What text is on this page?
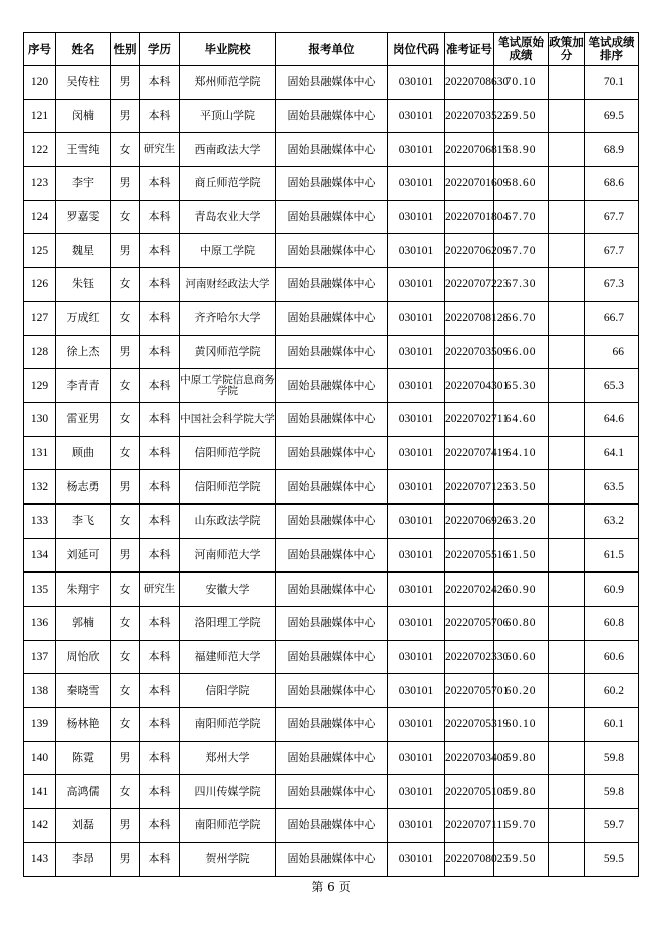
序号	姓名	性别	学历	毕业院校	报考单位	岗位代码	准考证号	笔试原始成绩	政策加分	笔试成绩排序
120	吴传柱	男	本科	郑州师范学院	固始县融媒体中心	030101	20220708630	70.10		70.1
121	闵楠	男	本科	平顶山学院	固始县融媒体中心	030101	20220703522	69.50		69.5
122	王雪纯	女	研究生	西南政法大学	固始县融媒体中心	030101	20220706815	68.90		68.9
123	李宇	男	本科	商丘师范学院	固始县融媒体中心	030101	20220701609	68.60		68.6
124	罗嘉雯	女	本科	青岛农业大学	固始县融媒体中心	030101	20220701804	67.70		67.7
125	魏星	男	本科	中原工学院	固始县融媒体中心	030101	20220706209	67.70		67.7
126	朱钰	女	本科	河南财经政法大学	固始县融媒体中心	030101	20220707223	67.30		67.3
127	万成红	女	本科	齐齐哈尔大学	固始县融媒体中心	030101	20220708128	66.70		66.7
128	徐上杰	男	本科	黄冈师范学院	固始县融媒体中心	030101	20220703509	66.00		66
129	李青青	女	本科	中原工学院信息商务学院	固始县融媒体中心	030101	20220704301	65.30		65.3
130	雷亚男	女	本科	中国社会科学院大学	固始县融媒体中心	030101	20220702711	64.60		64.6
131	顾曲	女	本科	信阳师范学院	固始县融媒体中心	030101	20220707419	64.10		64.1
132	杨志勇	男	本科	信阳师范学院	固始县融媒体中心	030101	20220707123	63.50		63.5
133	李飞	女	本科	山东政法学院	固始县融媒体中心	030101	20220706926	63.20		63.2
134	刘延可	男	本科	河南师范大学	固始县融媒体中心	030101	20220705516	61.50		61.5
135	朱翔宇	女	研究生	安徽大学	固始县融媒体中心	030101	20220702426	60.90		60.9
136	郭楠	女	本科	洛阳理工学院	固始县融媒体中心	030101	20220705706	60.80		60.8
137	周怡欣	女	本科	福建师范大学	固始县融媒体中心	030101	20220702330	60.60		60.6
138	秦晓雪	女	本科	信阳学院	固始县融媒体中心	030101	20220705701	60.20		60.2
139	杨林艳	女	本科	南阳师范学院	固始县融媒体中心	030101	20220705319	60.10		60.1
140	陈霓	男	本科	郑州大学	固始县融媒体中心	030101	20220703408	59.80		59.8
141	高鸿儒	女	本科	四川传媒学院	固始县融媒体中心	030101	20220705108	59.80		59.8
142	刘磊	男	本科	南阳师范学院	固始县融媒体中心	030101	20220707111	59.70		59.7
143	李昂	男	本科	贺州学院	固始县融媒体中心	030101	20220708023	59.50		59.5
第 6 页
